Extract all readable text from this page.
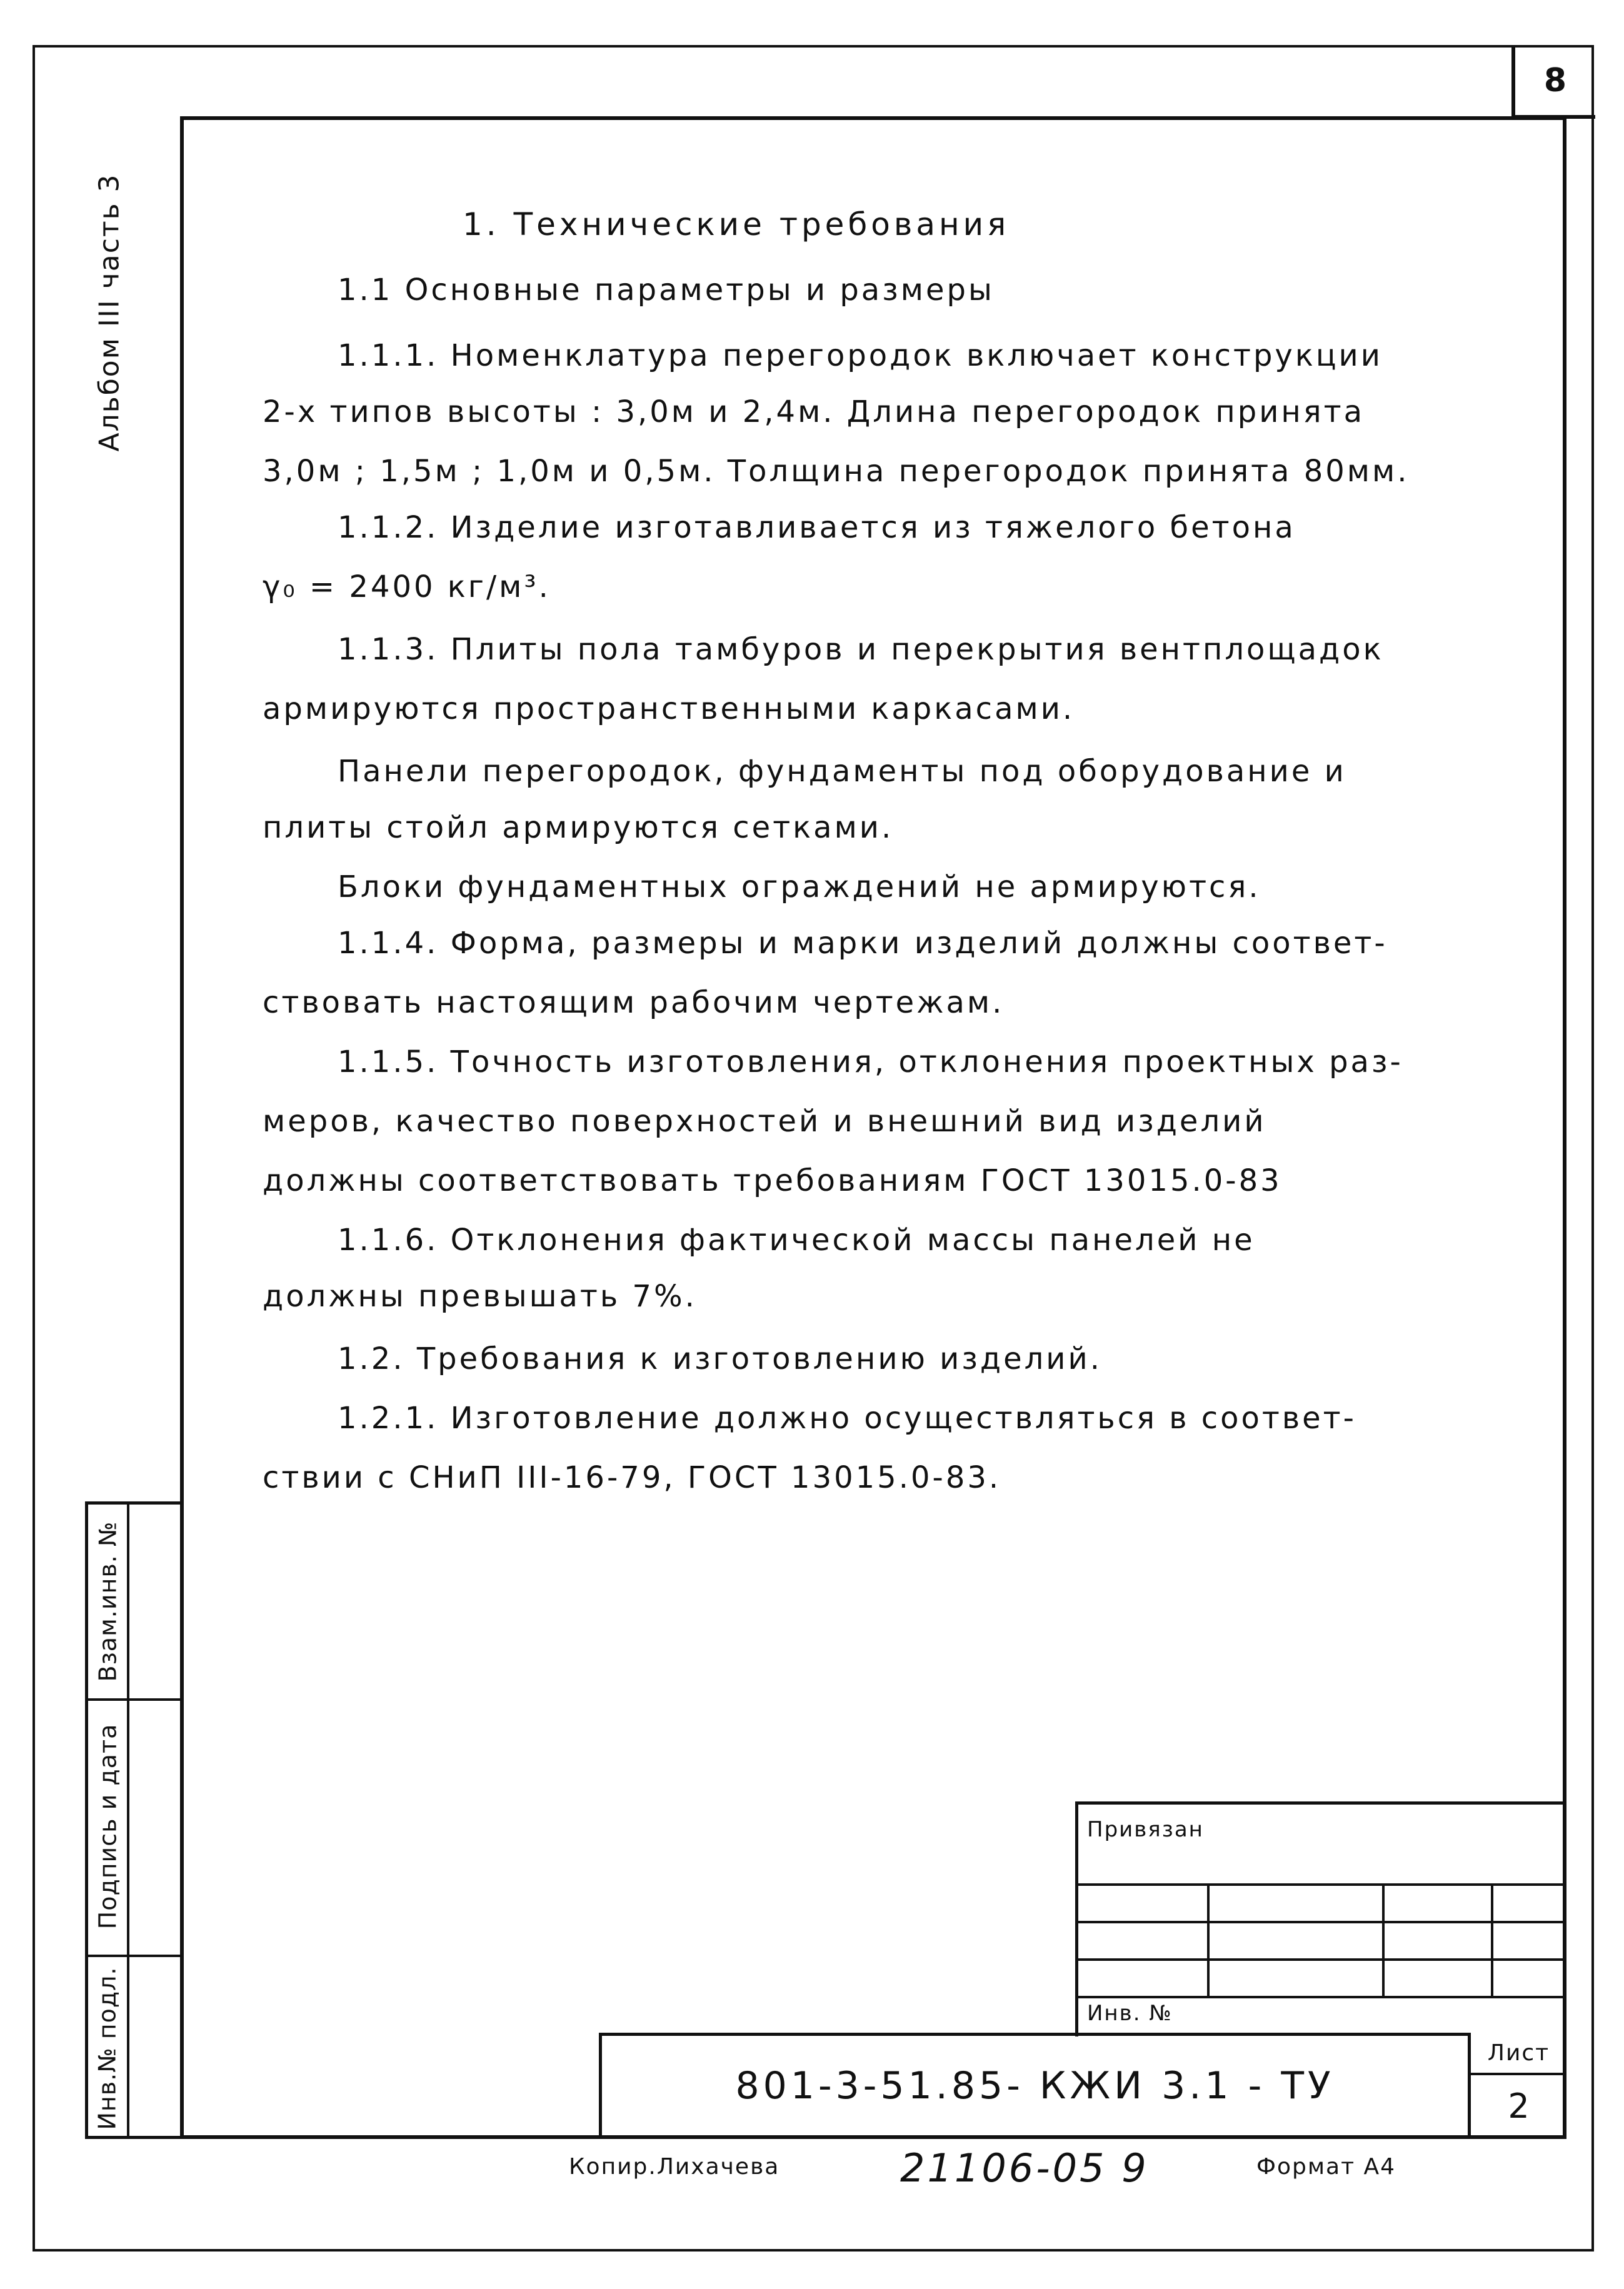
8
Альбом III часть 3
Взам.инв. №
Подпись и дата
Инв.№ подл.
1. Технические требования
1.1 Основные параметры и размеры
1.1.1. Номенклатура перегородок включает конструкции
2-х типов высоты : 3,0м и 2,4м. Длина перегородок принята
3,0м ; 1,5м ; 1,0м и 0,5м. Толщина перегородок принята 80мм.
1.1.2. Изделие изготавливается из тяжелого бетона
γ₀ = 2400 кг/м³.
1.1.3. Плиты пола тамбуров и перекрытия вентплощадок
армируются пространственными каркасами.
Панели перегородок, фундаменты под оборудование и
плиты стойл армируются сетками.
Блоки фундаментных ограждений не армируются.
1.1.4. Форма, размеры и марки изделий должны соответ-
ствовать настоящим рабочим чертежам.
1.1.5. Точность изготовления, отклонения проектных раз-
меров, качество поверхностей и внешний вид изделий
должны соответствовать требованиям ГОСТ 13015.0-83
1.1.6. Отклонения фактической массы панелей не
должны превышать 7%.
1.2. Требования к изготовлению изделий.
1.2.1. Изготовление должно осуществляться в соответ-
ствии с СНиП III-16-79, ГОСТ 13015.0-83.
Привязан
Инв. №
801-3-51.85- КЖИ 3.1 - ТУ
Лист
2
Копир.Лихачева	21106-05 9	Формат А4
